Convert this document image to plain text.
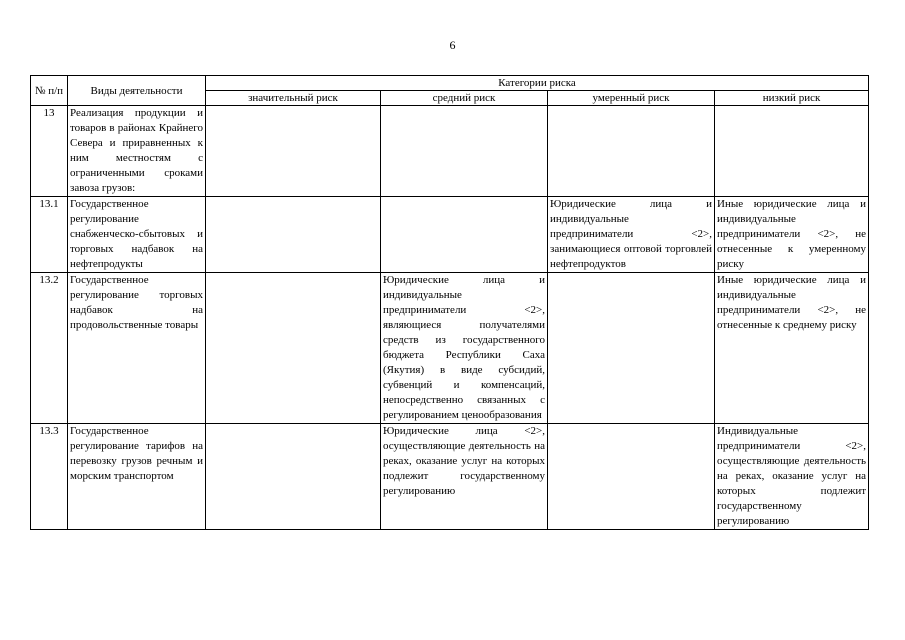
6
№ п/п	Виды деятельности	Категории риска			
		значительный риск	средний риск	умеренный риск	низкий риск
13	Реализация продукции и товаров в районах Крайнего Севера и приравненных к ним местностям с ограниченными сроками завоза грузов:				
13.1	Государственное регулирование снабженческо-сбытовых и торговых надбавок на нефтепродукты			Юридические лица и индивидуальные предприниматели <2>, занимающиеся оптовой торговлей нефтепродуктов	Иные юридические лица и индивидуальные предприниматели <2>, не отнесенные к умеренному риску
13.2	Государственное регулирование торговых надбавок на продовольственные товары		Юридические лица и индивидуальные предприниматели <2>, являющиеся получателями средств из государственного бюджета Республики Саха (Якутия) в виде субсидий, субвенций и компенсаций, непосредственно связанных с регулированием ценообразования		Иные юридические лица и индивидуальные предприниматели <2>, не отнесенные к среднему риску
13.3	Государственное регулирование тарифов на перевозку грузов речным и морским транспортом		Юридические лица <2>, осуществляющие деятельность на реках, оказание услуг на которых подлежит государственному регулированию		Индивидуальные предприниматели <2>, осуществляющие деятельность на реках, оказание услуг на которых подлежит государственному регулированию
